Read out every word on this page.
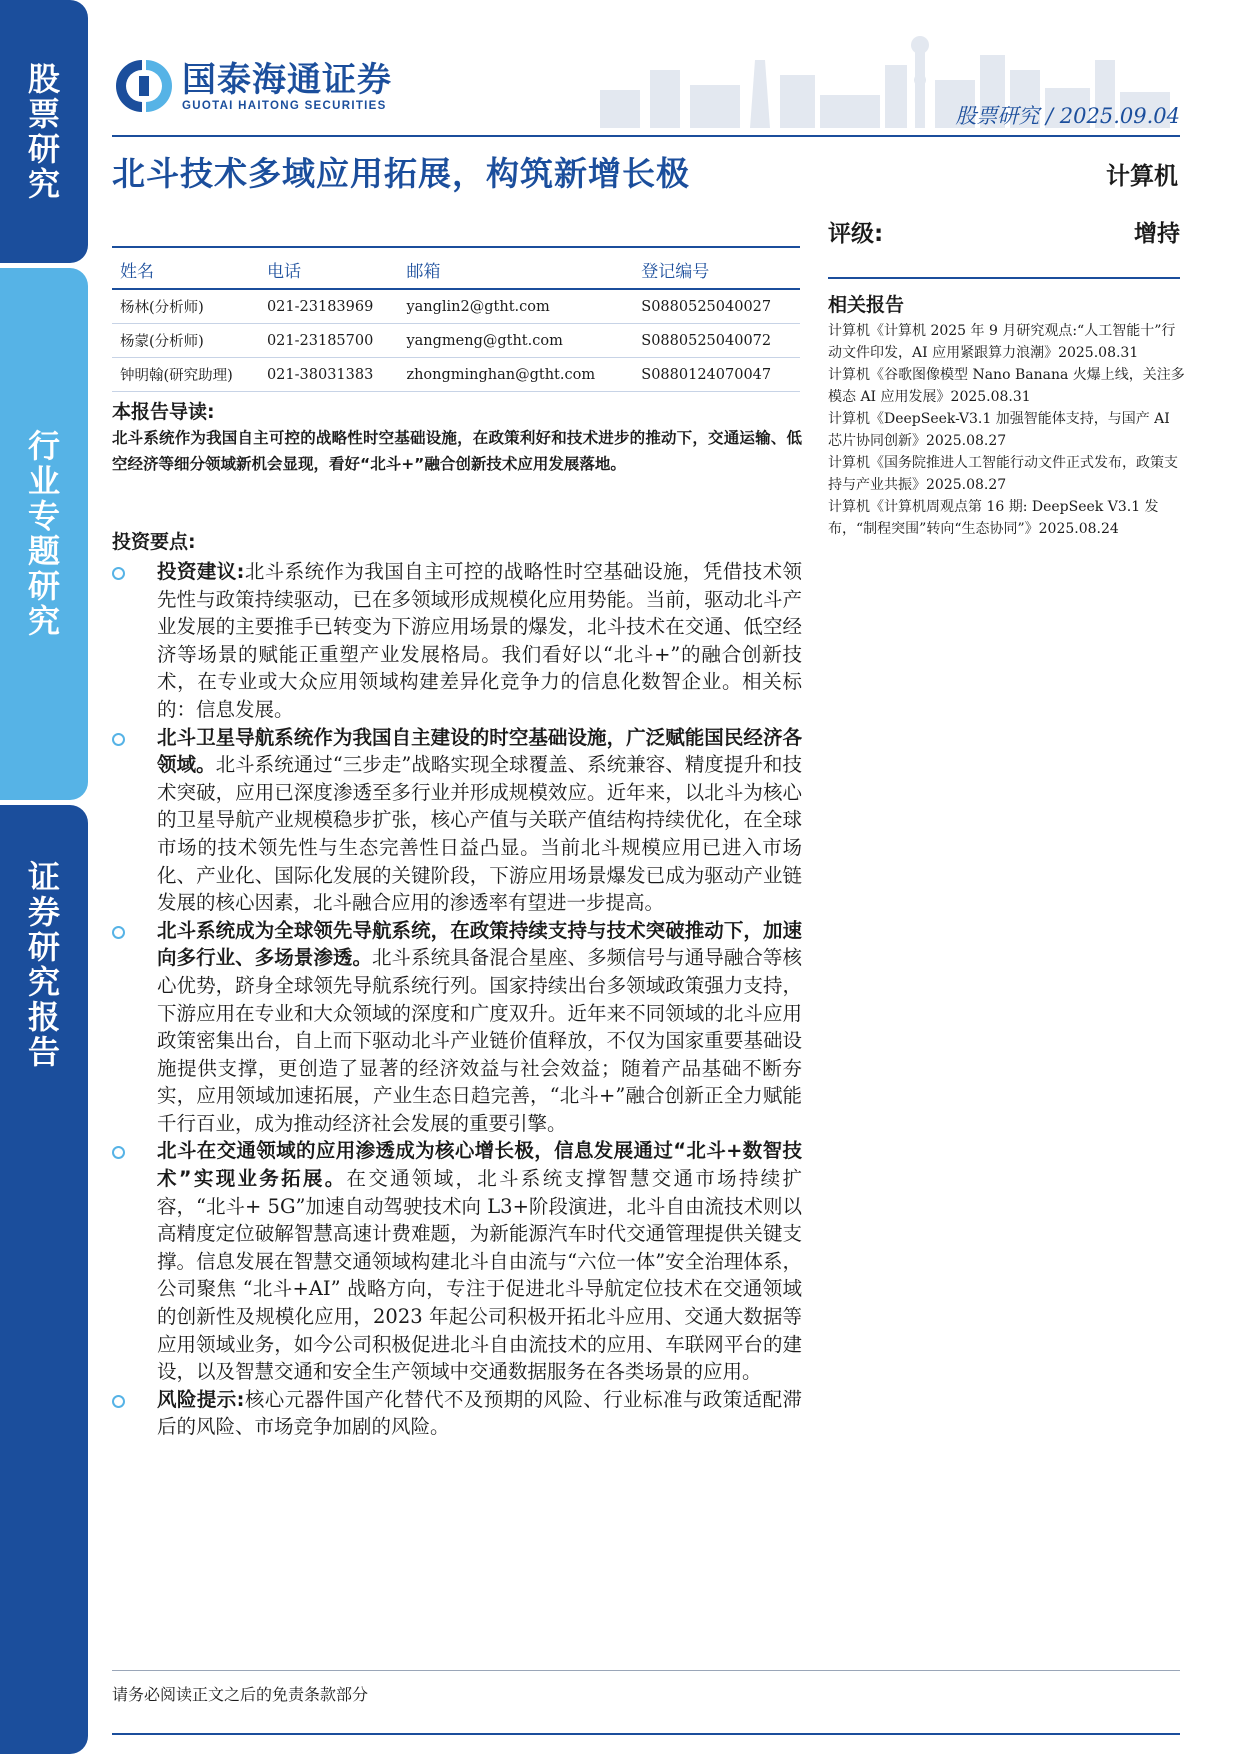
股票研究
行业专题研究
证券研究报告
国泰海通证券
GUOTAI HAITONG SECURITIES	股票研究 / 2025.09.04
北斗技术多域应用拓展，构筑新增长极	计算机
评级:	增持
姓名	电话	邮箱	登记编号
杨林(分析师)	021-23183969	yanglin2@gtht.com	S0880525040027
杨蒙(分析师)	021-23185700	yangmeng@gtht.com	S0880525040072
钟明翰(研究助理)	021-38031383	zhongminghan@gtht.com	S0880124070047
相关报告
计算机《计算机 2025 年 9 月研究观点:“人工智能十”行动文件印发，AI 应用紧跟算力浪潮》2025.08.31
计算机《谷歌图像模型 Nano Banana 火爆上线，关注多模态 AI 应用发展》2025.08.31
计算机《DeepSeek-V3.1 加强智能体支持，与国产 AI 芯片协同创新》2025.08.27
计算机《国务院推进人工智能行动文件正式发布，政策支持与产业共振》2025.08.27
计算机《计算机周观点第 16 期: DeepSeek V3.1 发布，“制程突围”转向“生态协同”》2025.08.24
本报告导读:
北斗系统作为我国自主可控的战略性时空基础设施，在政策利好和技术进步的推动下，交通运输、低空经济等细分领域新机会显现，看好“北斗+”融合创新技术应用发展落地。
投资要点:
投资建议:北斗系统作为我国自主可控的战略性时空基础设施，凭借技术领先性与政策持续驱动，已在多领域形成规模化应用势能。当前，驱动北斗产业发展的主要推手已转变为下游应用场景的爆发，北斗技术在交通、低空经济等场景的赋能正重塑产业发展格局。我们看好以“北斗+”的融合创新技术，在专业或大众应用领域构建差异化竞争力的信息化数智企业。相关标的：信息发展。
北斗卫星导航系统作为我国自主建设的时空基础设施，广泛赋能国民经济各领域。北斗系统通过“三步走”战略实现全球覆盖、系统兼容、精度提升和技术突破，应用已深度渗透至多行业并形成规模效应。近年来，以北斗为核心的卫星导航产业规模稳步扩张，核心产值与关联产值结构持续优化，在全球市场的技术领先性与生态完善性日益凸显。当前北斗规模应用已进入市场化、产业化、国际化发展的关键阶段，下游应用场景爆发已成为驱动产业链发展的核心因素，北斗融合应用的渗透率有望进一步提高。
北斗系统成为全球领先导航系统，在政策持续支持与技术突破推动下，加速向多行业、多场景渗透。北斗系统具备混合星座、多频信号与通导融合等核心优势，跻身全球领先导航系统行列。国家持续出台多领域政策强力支持，下游应用在专业和大众领域的深度和广度双升。近年来不同领域的北斗应用政策密集出台，自上而下驱动北斗产业链价值释放，不仅为国家重要基础设施提供支撑，更创造了显著的经济效益与社会效益；随着产品基础不断夯实，应用领域加速拓展，产业生态日趋完善，“北斗+”融合创新正全力赋能千行百业，成为推动经济社会发展的重要引擎。
北斗在交通领域的应用渗透成为核心增长极，信息发展通过“北斗+数智技术”实现业务拓展。在交通领域，北斗系统支撑智慧交通市场持续扩容，“北斗+ 5G”加速自动驾驶技术向 L3+阶段演进，北斗自由流技术则以高精度定位破解智慧高速计费难题，为新能源汽车时代交通管理提供关键支撑。信息发展在智慧交通领域构建北斗自由流与“六位一体”安全治理体系，公司聚焦 “北斗+AI” 战略方向，专注于促进北斗导航定位技术在交通领域的创新性及规模化应用，2023 年起公司积极开拓北斗应用、交通大数据等应用领域业务，如今公司积极促进北斗自由流技术的应用、车联网平台的建设，以及智慧交通和安全生产领域中交通数据服务在各类场景的应用。
风险提示:核心元器件国产化替代不及预期的风险、行业标准与政策适配滞后的风险、市场竞争加剧的风险。
请务必阅读正文之后的免责条款部分
